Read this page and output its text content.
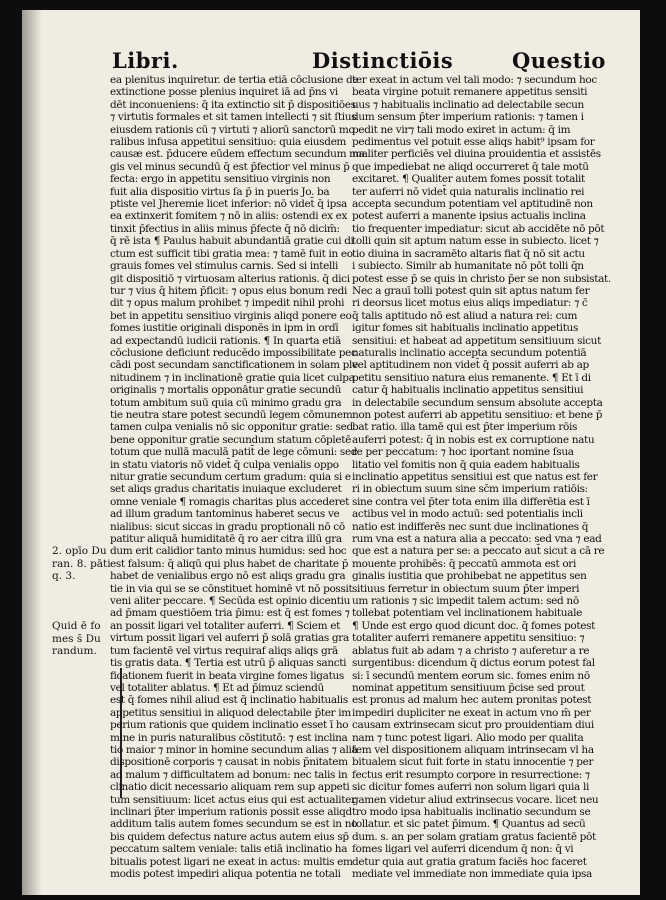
Libri.	Distinctiōis	Questio
2. opīo Du
ran. 8. pāti
q. 3.
Quid ē fo
mes s̄ Du
randum.
ea plenitus inquiretur. de tertia etiā cōclusione de
extinctione posse plenius inquiret iā ad p̄ns vi
dēt inconueniens: q̄ ita extinctio sit p̄ dispositiōes
⁊ virtutis formales et sit tamen intellecti ⁊ sit ſtius
eiusdem rationis cū ⁊ virtuti ⁊ aliorū sanctorū mo
ralibus infusa appetitui sensitiuo: quia eiusdem
causæ est. p̄ducere eūdem effectum secundum ma
gis vel minus secundū q̄ est p̄fectior vel minus p̄
fecta: ergo in appetitu sensitiuo virginis non
fuit alia dispositio virtus ſa p̄ in pueris Jo. ba
ptiste vel Jheremie licet inferior: nō videt̄ q̄ ipsa
ea extinxerit fomitem ⁊ nō in aliis: ostendi ex ex
tinxit p̄fectius in aliis minus p̄fecte q̄ nō dicim̄:
q̄ rē ista ¶ Paulus habuit abundantiā gratie cui di
ctum est sufficit tibi gratia mea: ⁊ tamē fuit in eo
grauis fomes vel stimulus carnis. Sed si intelli
git dispositiō ⁊ virtuosam alterius rationis. q̄ dici
tur ⁊ vius q̄ hitem p̄ficit: ⁊ opus eius bonum redi
dit ⁊ opus malum prohibet ⁊ impedit nihil prohi
bet in appetitu sensitiuo virginis aliqd ponere eo
fomes iustitie originali disponēs in ipm in ordī
ad expectandū iudicii rationis. ¶ In quarta etiā
cōclusione deficiunt reducēdo impossibilitate pec
cādi post secundam sanctificationem in solam ple
nitudinem ⁊ in inclinationē gratie quia licet culpa
originalis ⁊ mortalis opponātur gratie secundū
totum ambitum suū quia cū minimo gradu gra
tie neutra stare potest secundū legem cōmunem:
tamen culpa venialis nō sic opponitur gratie: sed
bene opponitur gratie secundum statum cōpletē
totum que nullā maculā patit̄ de lege cōmuni: sed
in statu viatoris nō videt̄ q̄ culpa venialis oppo
nitur gratie secundum certum gradum: quia si e
set aliqs gradus charitatis inuiaque excluderet
omne veniale ¶ romagis charitas plus accederet
ad illum gradum tantominus haberet secus ve
nialibus: sicut siccas in gradu proptionali nō cō
patitur aliquā humiditatē q̄ ro aer citra illū gra
dum erit calidior tanto minus humidus: sed hoc
est falsum: q̄ aliqū qui plus habet de charitate p̄
habet de venialibus ergo nō est aliqs gradu gra
tie in via qui se se cōnstituet hominē vt nō possit
veni aliter peccare. ¶ Secūda est opinio dicentiu
ad p̄mam questiōem tria p̄imu: est q̄ est fomes ⁊
an possit ligari vel totaliter auferri. ¶ Sciem et
virtum possit ligari vel auferri p̄ solā gratias gra
tum facientē vel virtus requiraf aliqs aliqs grā
tis gratis data. ¶ Tertia est utrū p̄ aliquas sancti
ficationem fuerit in beata virgine fomes ligatus
vel totaliter ablatus. ¶ Et ad p̄imuz sciendū
est q̄ fomes nihil aliud est q̄ inclinatio habitualis
appetitus sensitiui in aliquod delectabile p̄ter im
perium rationis que quidem inclinatio esset ī ho
mine in puris naturalibus cōstitutō: ⁊ est inclina
tio maior ⁊ minor in homine secundum alias ⁊ aliā
dispositionē corporis ⁊ causat in nobis p̄nitatem
ad malum ⁊ difficultatem ad bonum: nec talis in
clinatio dicit necessario aliquam rem sup appeti
tum sensitiuum: licet actus eius qui est actualiter
inclinari p̄ter imperium rationis possit esse aliqd
additum talis autem fomes secundum se est in no
bis quidem defectus nature actus autem eius sp̄
peccatum saltem veniale: talis etiā inclinatio ha
bitualis potest ligari ne exeat in actus: multis em
modis potest impediri aliqua potentia ne totali
ter exeat in actum vel tali modo: ⁊ secundum hoc
beata virgine potuit remanere appetitus sensiti
uus ⁊ habitualis inclinatio ad delectabile secun
dum sensum p̄ter imperium rationis: ⁊ tamen i
pedit ne vir⁊ tali modo exiret in actum: q̄ im
pedimentus vel potuit esse aliqs habit⁹ ipsam for
maliter perficiēs vel diuina prouidentia et assistēs
que impediebat ne aliqd occurreret q̄ tale motū
excitaret. ¶ Qualiter autem fomes possit totalit
ter auferri nō videt̄ quia naturalis inclinatio rei
accepta secundum potentiam vel aptitudinē non
potest auferri a manente ipsius actualis inclina
tio frequenter impediatur: sicut ab accidēte nō pōt
tolli quin sit aptum natum esse in subiecto. licet ⁊
tio diuina in sacramēto altaris fiat q̄ nō sit actu
i subiecto. Similr ab humanitate nō pōt tolli q̄n
potest esse p̄ se quis in christo p̄er se non subsistat.
Nec a grauī tolli potest quin sit aptus natum fer
ri deorsus licet motus eius aliqs impediatur: ⁊ c̄
q̄ talis aptitudo nō est aliud a natura rei: cum
igitur fomes sit habitualis inclinatio appetitus
sensitiui: et habeat ad appetitum sensitiuum sicut
naturalis inclinatio accepta secundum potentiā
vel aptitudinem non videt̄ q̄ possit auferri ab ap
petitu sensitiuo natura eius remanente. ¶ Et ī di
catur q̄ habitualis inclinatio appetitus sensitiui
in delectabile secundum sensum absolute accepta
non potest auferri ab appetitu sensitiuo: et bene p̄
bat ratio. illa tamē qui est p̄ter imperium rōis
auferri potest: q̄ in nobis est ex corruptione natu
re per peccatum: ⁊ hoc iportant nomine ſsua
litatio vel fomitis non q̄ quia eadem habitualis
inclinatio appetitus sensitiui est que natus est fer
ri in obiectum suum sine sc̄m imperium ratiōis:
sine contra vel p̄ter tota enim illa differētia est ī
actibus vel in modo actuū: sed potentialis incli
natio est indifferēs nec sunt due inclinationes q̄
rum vna est a natura alia a peccato: sed vna ⁊ ead
que est a natura per se: a peccato aut̄ sicut a cā re
mouente prohibēs: q̄ peccatū ammota est ori
ginalis iustitia que prohibebat ne appetitus sen
sitiuus ferretur in obiectum suum p̄ter imperi
um rationis ⁊ sic impedit talem actum: sed nō
tollebat potentiam vel inclinationem habituale
¶ Unde est ergo quod dicunt doc. q̄ fomes potest
totaliter auferri remanere appetitu sensitiuo: ⁊
ablatus fuit ab adam ⁊ a christo ⁊ auferetur a re
surgentibus: dicendum q̄ dictus eorum potest fal
si: ī secundū mentem eorum sic. fomes enim nō
nominat appetitum sensitiuum p̄cise sed prout
est pronus ad malum hec autem pronitas potest
impediri dupliciter ne exeat in actum vno m̄ per
causam extrinsecam sicut pro prouidentiam diui
nam ⁊ tunc potest ligari. Alio modo per qualita
tem vel dispositionem aliquam intrinsecam vl ha
bitualem sicut fuit forte in statu innocentie ⁊ per
fectus erit resumpto corpore in resurrectione: ⁊
sic dicitur fomes auferri non solum ligari quia li
gamen videtur aliud extrinsecus vocare. licet neu
tro modo ipsa habitualis inclinatio secundum se
tollatur. et sic patet p̄imum. ¶ Quantus ad secū
dum. s. an per solam gratiam gratus facientē pōt
fomes ligari vel auferri dicendum q̄ non: q̄ vi
detur quia aut gratia gratum faciēs hoc faceret
mediate vel immediate non immediate quia ipsa
